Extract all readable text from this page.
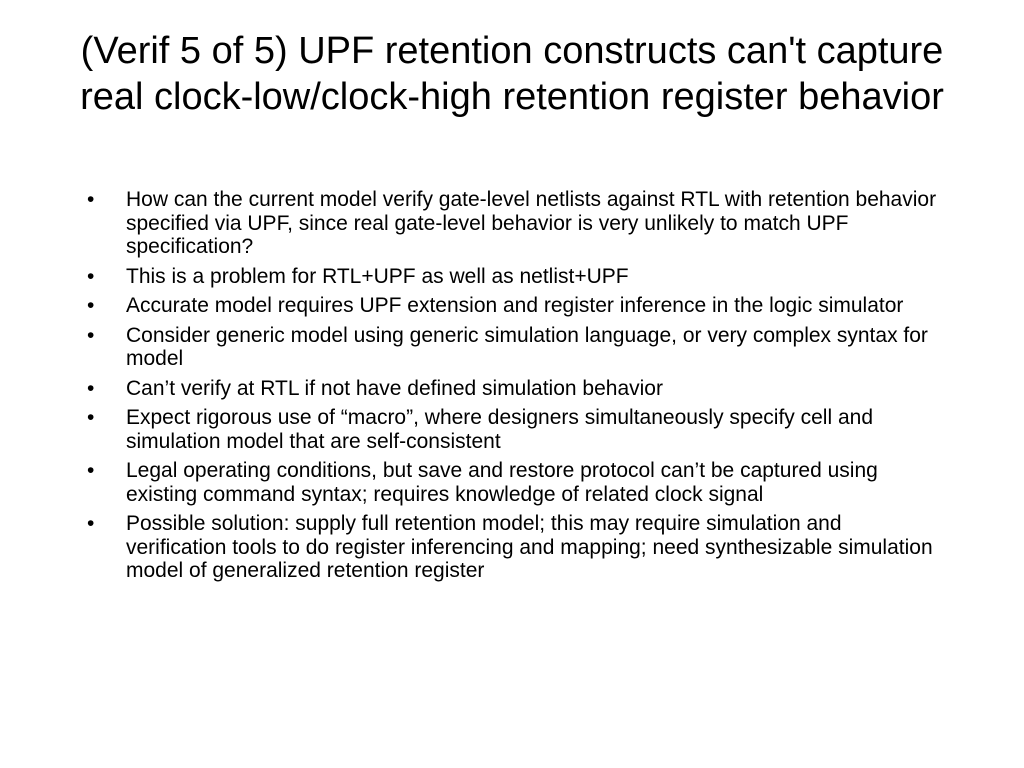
(Verif 5 of 5) UPF retention constructs can't capture real clock-low/clock-high retention register behavior
• How can the current model verify gate-level netlists against RTL with retention behavior specified via UPF, since real gate-level behavior is very unlikely to match UPF specification?
• This is a problem for RTL+UPF as well as netlist+UPF
• Accurate model requires UPF extension and register inference in the logic simulator
• Consider generic model using generic simulation language, or very complex syntax for model
• Can’t verify at RTL if not have defined simulation behavior
• Expect rigorous use of “macro”, where designers simultaneously specify cell and simulation model that are self-consistent
• Legal operating conditions, but save and restore protocol can’t be captured using existing command syntax; requires knowledge of related clock signal
• Possible solution: supply full retention model; this may require simulation and verification tools to do register inferencing and mapping; need synthesizable simulation model of generalized retention register
